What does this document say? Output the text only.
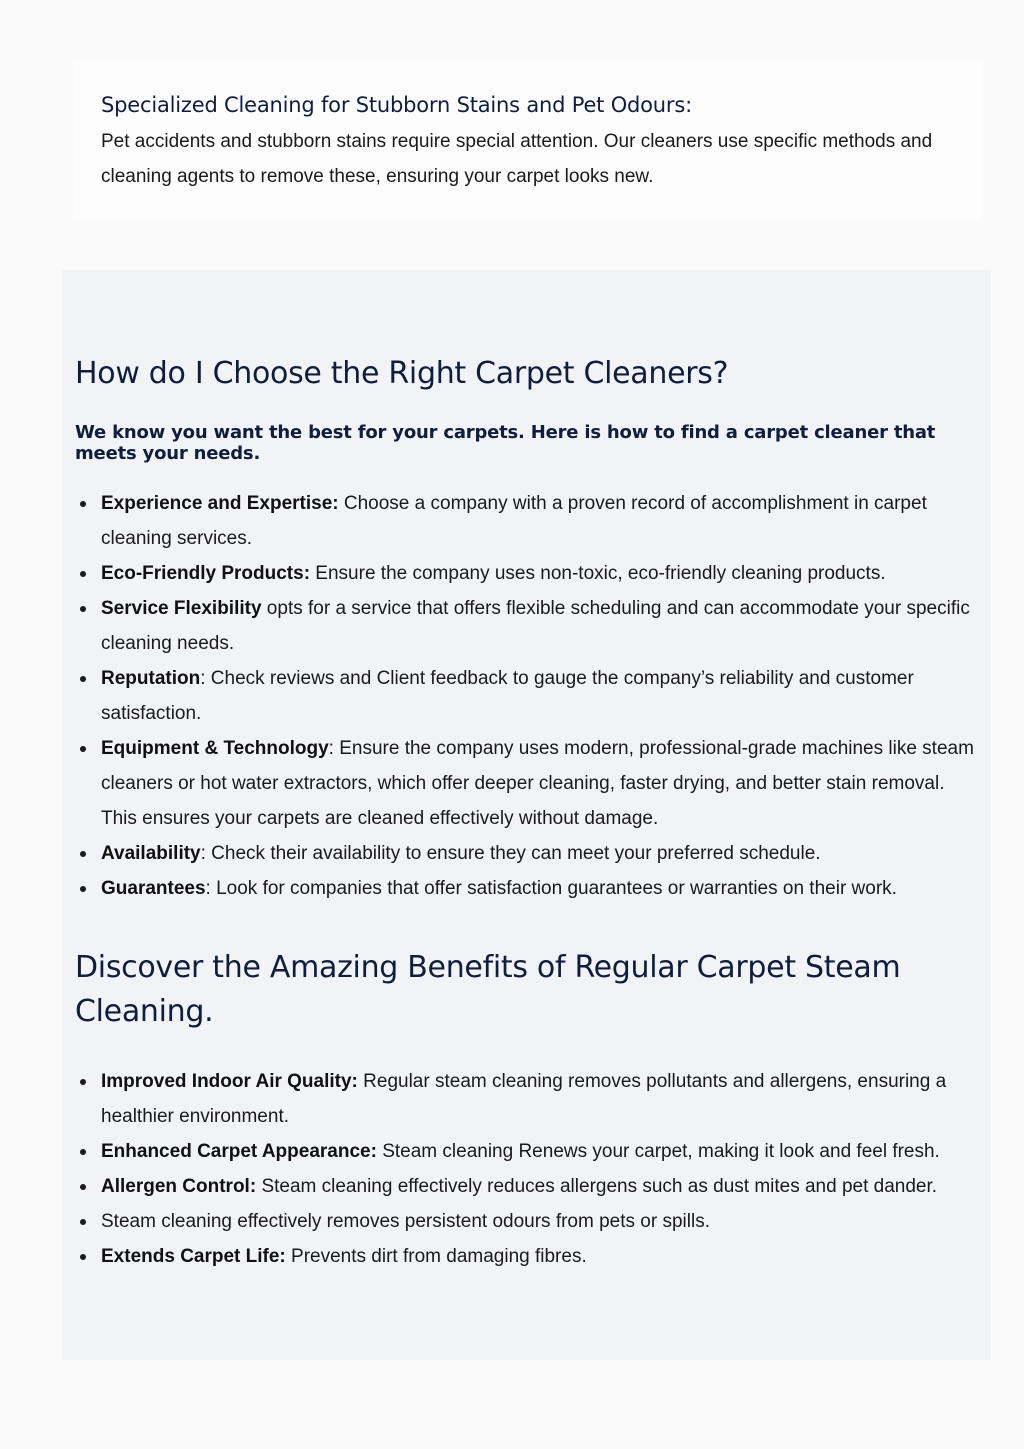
Specialized Cleaning for Stubborn Stains and Pet Odours:

Pet accidents and stubborn stains require special attention. Our cleaners use specific methods and cleaning agents to remove these, ensuring your carpet looks new.

How do I Choose the Right Carpet Cleaners?

We know you want the best for your carpets. Here is how to find a carpet cleaner that meets your needs.

Experience and Expertise: Choose a company with a proven record of accomplishment in carpet cleaning services.
Eco-Friendly Products: Ensure the company uses non-toxic, eco-friendly cleaning products.
Service Flexibility opts for a service that offers flexible scheduling and can accommodate your specific cleaning needs.
Reputation: Check reviews and Client feedback to gauge the company’s reliability and customer satisfaction.
Equipment & Technology: Ensure the company uses modern, professional-grade machines like steam cleaners or hot water extractors, which offer deeper cleaning, faster drying, and better stain removal. This ensures your carpets are cleaned effectively without damage.
Availability: Check their availability to ensure they can meet your preferred schedule.
Guarantees: Look for companies that offer satisfaction guarantees or warranties on their work.
Discover the Amazing Benefits of Regular Carpet Steam Cleaning.
Improved Indoor Air Quality: Regular steam cleaning removes pollutants and allergens, ensuring a healthier environment.
Enhanced Carpet Appearance: Steam cleaning Renews your carpet, making it look and feel fresh.
Allergen Control: Steam cleaning effectively reduces allergens such as dust mites and pet dander.
Steam cleaning effectively removes persistent odours from pets or spills.
Extends Carpet Life: Prevents dirt from damaging fibres.
